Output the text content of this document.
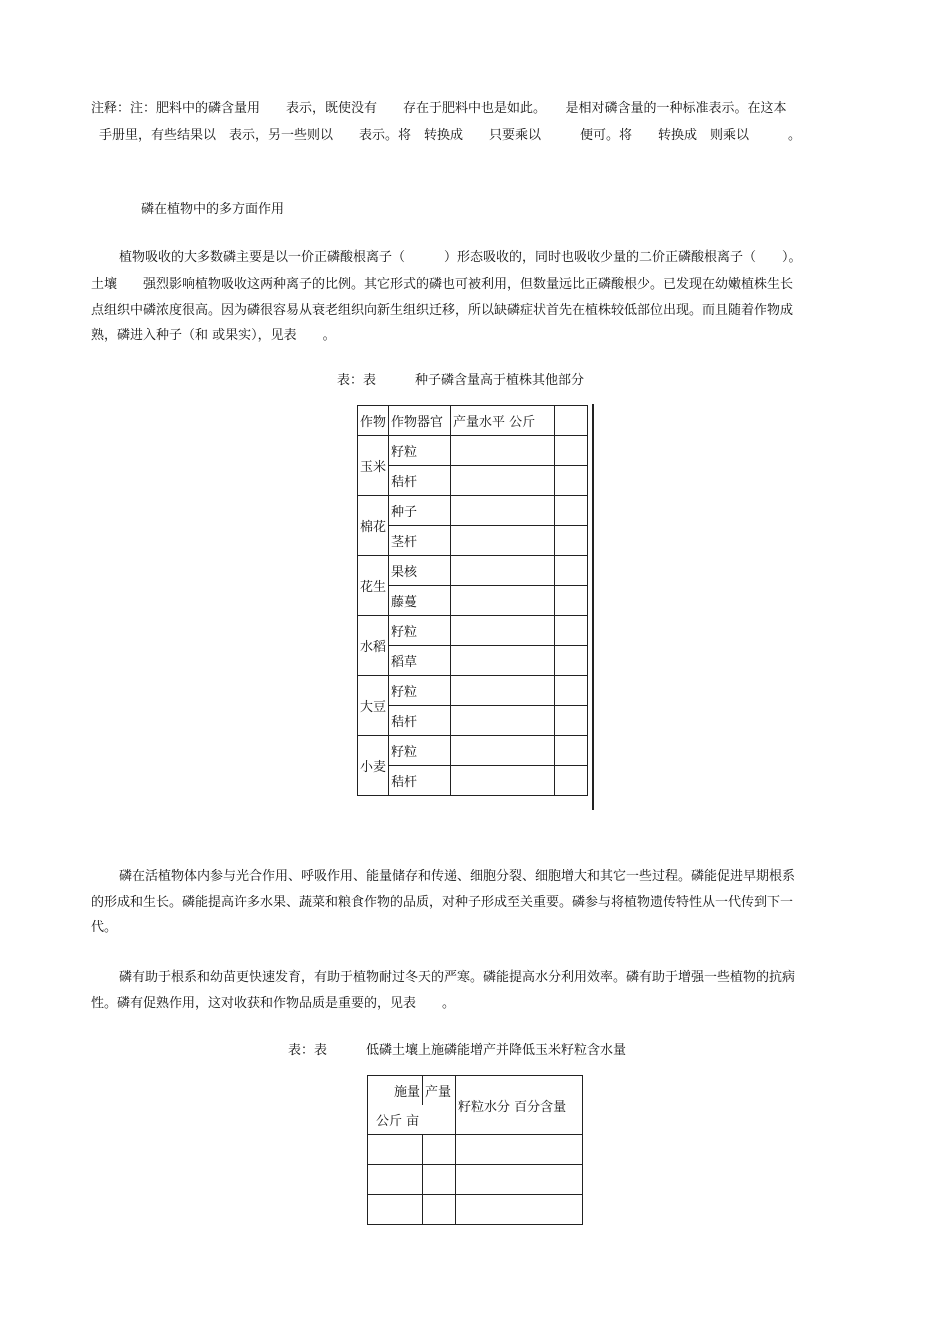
注释：注：肥料中的磷含量用　　表示，既使没有　　存在于肥料中也是如此。　　是相对磷含量的一种标准表示。在这本
手册里，有些结果以　表示，另一些则以　　表示。将　转换成　　只要乘以　　　便可。将　　转换成　则乘以　　　。
磷在植物中的多方面作用
植物吸收的大多数磷主要是以一价正磷酸根离子（　　　）形态吸收的，同时也吸收少量的二价正磷酸根离子（　　）。
土壤　　强烈影响植物吸收这两种离子的比例。其它形式的磷也可被利用，但数量远比正磷酸根少。已发现在幼嫩植株生长
点组织中磷浓度很高。因为磷很容易从衰老组织向新生组织迁移，所以缺磷症状首先在植株较低部位出现。而且随着作物成
熟，磷进入种子（和 或果实），见表　　。
表：表　　　种子磷含量高于植株其他部分
作物	作物器官	产量水平 公斤	
玉米	籽粒		
	秸杆		
棉花	种子		
	茎杆		
花生	果核		
	藤蔓		
水稻	籽粒		
	稻草		
大豆	籽粒		
	秸杆		
小麦	籽粒		
	秸杆		
磷在活植物体内参与光合作用、呼吸作用、能量储存和传递、细胞分裂、细胞增大和其它一些过程。磷能促进早期根系
的形成和生长。磷能提高许多水果、蔬菜和粮食作物的品质，对种子形成至关重要。磷参与将植物遗传特性从一代传到下一
代。
磷有助于根系和幼苗更快速发育，有助于植物耐过冬天的严寒。磷能提高水分利用效率。磷有助于增强一些植物的抗病
性。磷有促熟作用，这对收获和作物品质是重要的，见表　　。
表：表　　　低磷土壤上施磷能增产并降低玉米籽粒含水量
施量	产量	籽粒水分 百分含量
公斤 亩		
